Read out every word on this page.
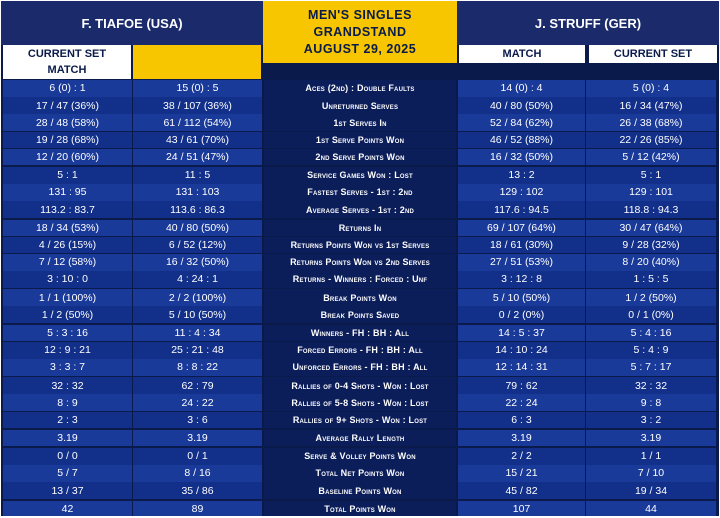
F. TIAFOE (USA)
MEN'S SINGLES
GRANDSTAND
AUGUST 29, 2025
J. STRUFF (GER)
CURRENT SET
MATCH
MATCH	CURRENT SET
6 (0) : 1	15 (0) : 5	Aces (2nd) : Double Faults	14 (0) : 4	5 (0) : 4
17 / 47 (36%)	38 / 107 (36%)	Unreturned Serves	40 / 80 (50%)	16 / 34 (47%)
28 / 48 (58%)	61 / 112 (54%)	1st Serves In	52 / 84 (62%)	26 / 38 (68%)
19 / 28 (68%)	43 / 61 (70%)	1st Serve Points Won	46 / 52 (88%)	22 / 26 (85%)
12 / 20 (60%)	24 / 51 (47%)	2nd Serve Points Won	16 / 32 (50%)	5 / 12 (42%)
5 : 1	11 : 5	Service Games Won : Lost	13 : 2	5 : 1
131 : 95	131 : 103	Fastest Serves - 1st : 2nd	129 : 102	129 : 101
113.2 : 83.7	113.6 : 86.3	Average Serves - 1st : 2nd	117.6 : 94.5	118.8 : 94.3
18 / 34 (53%)	40 / 80 (50%)	Returns In	69 / 107 (64%)	30 / 47 (64%)
4 / 26 (15%)	6 / 52 (12%)	Returns Points Won vs 1st Serves	18 / 61 (30%)	9 / 28 (32%)
7 / 12 (58%)	16 / 32 (50%)	Returns Points Won vs 2nd Serves	27 / 51 (53%)	8 / 20 (40%)
3 : 10 : 0	4 : 24 : 1	Returns - Winners : Forced : Unf	3 : 12 : 8	1 : 5 : 5
1 / 1 (100%)	2 / 2 (100%)	Break Points Won	5 / 10 (50%)	1 / 2 (50%)
1 / 2 (50%)	5 / 10 (50%)	Break Points Saved	0 / 2 (0%)	0 / 1 (0%)
5 : 3 : 16	11 : 4 : 34	Winners - FH : BH : All	14 : 5 : 37	5 : 4 : 16
12 : 9 : 21	25 : 21 : 48	Forced Errors - FH : BH : All	14 : 10 : 24	5 : 4 : 9
3 : 3 : 7	8 : 8 : 22	Unforced Errors - FH : BH : All	12 : 14 : 31	5 : 7 : 17
32 : 32	62 : 79	Rallies of 0-4 Shots - Won : Lost	79 : 62	32 : 32
8 : 9	24 : 22	Rallies of 5-8 Shots - Won : Lost	22 : 24	9 : 8
2 : 3	3 : 6	Rallies of 9+ Shots - Won : Lost	6 : 3	3 : 2
3.19	3.19	Average Rally Length	3.19	3.19
0 / 0	0 / 1	Serve & Volley Points Won	2 / 2	1 / 1
5 / 7	8 / 16	Total Net Points Won	15 / 21	7 / 10
13 / 37	35 / 86	Baseline Points Won	45 / 82	19 / 34
42	89	Total Points Won	107	44
